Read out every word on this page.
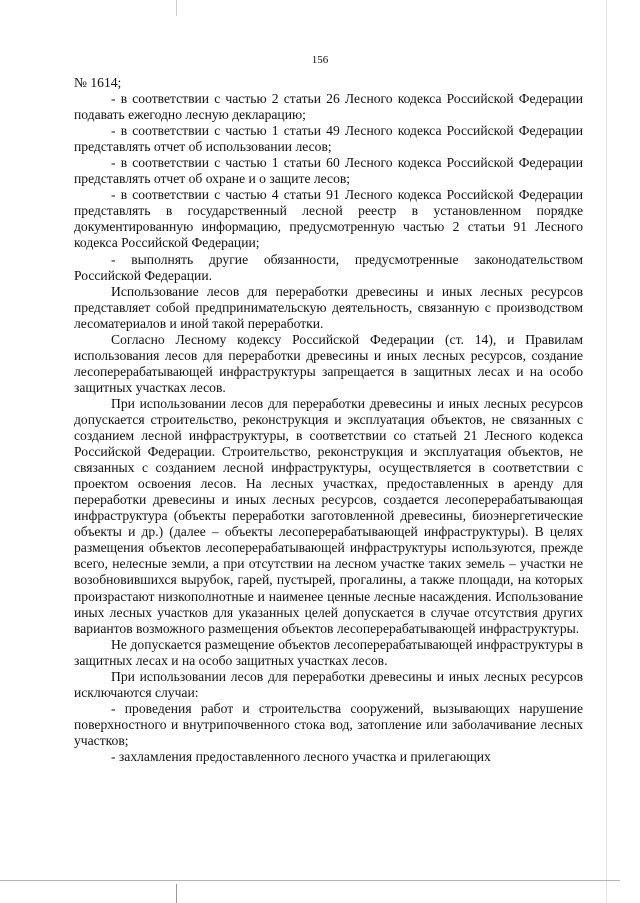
156

№ 1614;

- в соответствии с частью 2 статьи 26 Лесного кодекса Российской Федерации подавать ежегодно лесную декларацию;

- в соответствии с частью 1 статьи 49 Лесного кодекса Российской Федерации представлять отчет об использовании лесов;

- в соответствии с частью 1 статьи 60 Лесного кодекса Российской Федерации представлять отчет об охране и о защите лесов;

- в соответствии с частью 4 статьи 91 Лесного кодекса Российской Федерации представлять в государственный лесной реестр в установленном порядке документированную информацию, предусмотренную частью 2 статьи 91 Лесного кодекса Российской Федерации;

- выполнять другие обязанности, предусмотренные законодательством Российской Федерации.

Использование лесов для переработки древесины и иных лесных ресурсов представляет собой предпринимательскую деятельность, связанную с производством лесоматериалов и иной такой переработки.

Согласно Лесному кодексу Российской Федерации (ст. 14), и Правилам использования лесов для переработки древесины и иных лесных ресурсов, создание лесоперерабатывающей инфраструктуры запрещается в защитных лесах и на особо защитных участках лесов.

При использовании лесов для переработки древесины и иных лесных ресурсов допускается строительство, реконструкция и эксплуатация объектов, не связанных с созданием лесной инфраструктуры, в соответствии со статьей 21 Лесного кодекса Российской Федерации. Строительство, реконструкция и эксплуатация объектов, не связанных с созданием лесной инфраструктуры, осуществляется в соответствии с проектом освоения лесов. На лесных участках, предоставленных в аренду для переработки древесины и иных лесных ресурсов, создается лесоперерабатывающая инфраструктура (объекты переработки заготовленной древесины, биоэнергетические объекты и др.) (далее – объекты лесоперерабатывающей инфраструктуры). В целях размещения объектов лесоперерабатывающей инфраструктуры используются, прежде всего, нелесные земли, а при отсутствии на лесном участке таких земель – участки не возобновившихся вырубок, гарей, пустырей, прогалины, а также площади, на которых произрастают низкополнотные и наименее ценные лесные насаждения. Использование иных лесных участков для указанных целей допускается в случае отсутствия других вариантов возможного размещения объектов лесоперерабатывающей инфраструктуры.

Не допускается размещение объектов лесоперерабатывающей инфраструктуры в защитных лесах и на особо защитных участках лесов.

При использовании лесов для переработки древесины и иных лесных ресурсов исключаются случаи:

- проведения работ и строительства сооружений, вызывающих нарушение поверхностного и внутрипочвенного стока вод, затопление или заболачивание лесных участков;

- захламления предоставленного лесного участка и прилегающих
